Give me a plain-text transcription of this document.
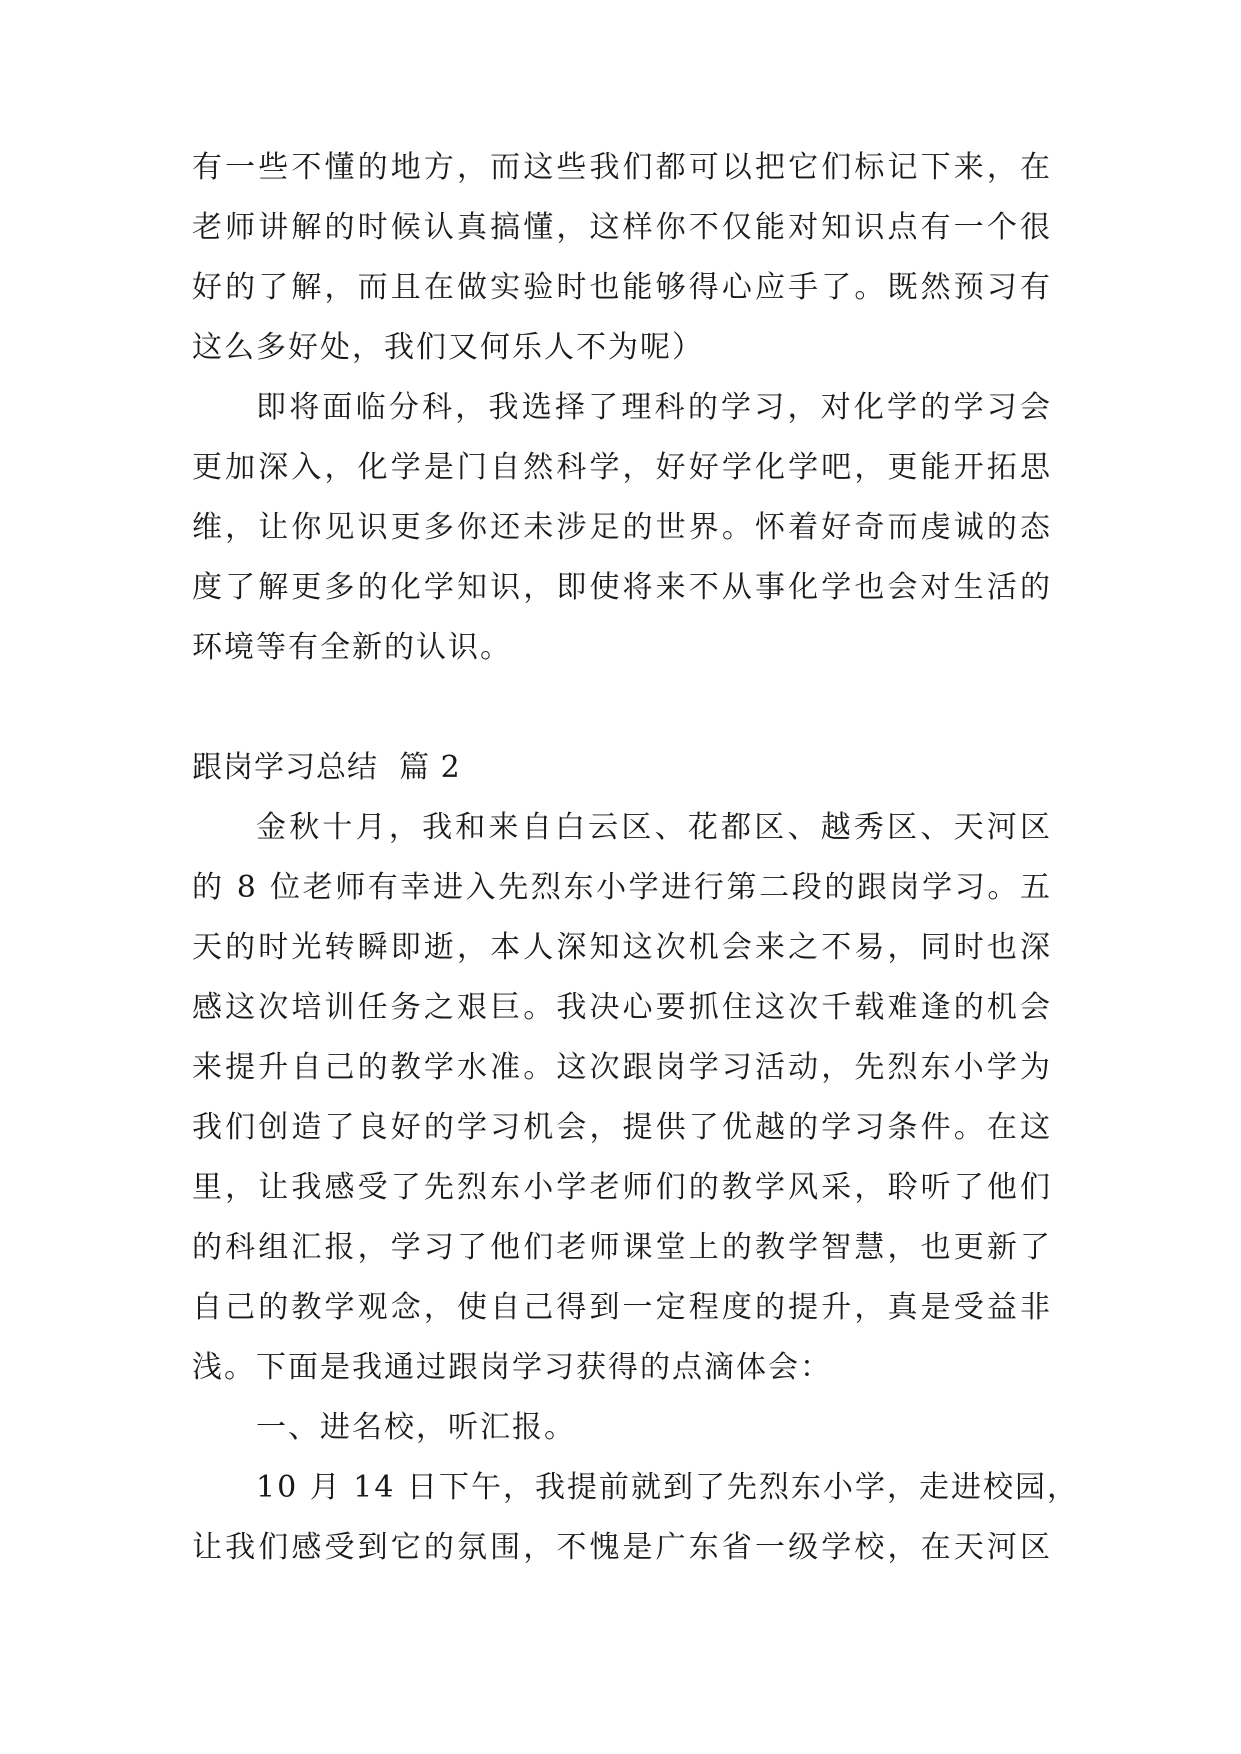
有一些不懂的地方，而这些我们都可以把它们标记下来，在
老师讲解的时候认真搞懂，这样你不仅能对知识点有一个很
好的了解，而且在做实验时也能够得心应手了。既然预习有
这么多好处，我们又何乐人不为呢）
即将面临分科，我选择了理科的学习，对化学的学习会
更加深入，化学是门自然科学，好好学化学吧，更能开拓思
维，让你见识更多你还未涉足的世界。怀着好奇而虔诚的态
度了解更多的化学知识，即使将来不从事化学也会对生活的
环境等有全新的认识。
跟岗学习总结  篇 2
金秋十月，我和来自白云区、花都区、越秀区、天河区
的 8 位老师有幸进入先烈东小学进行第二段的跟岗学习。五
天的时光转瞬即逝，本人深知这次机会来之不易，同时也深
感这次培训任务之艰巨。我决心要抓住这次千载难逢的机会
来提升自己的教学水准。这次跟岗学习活动，先烈东小学为
我们创造了良好的学习机会，提供了优越的学习条件。在这
里，让我感受了先烈东小学老师们的教学风采，聆听了他们
的科组汇报，学习了他们老师课堂上的教学智慧，也更新了
自己的教学观念，使自己得到一定程度的提升，真是受益非
浅。下面是我通过跟岗学习获得的点滴体会：
一、进名校，听汇报。
10 月 14 日下午，我提前就到了先烈东小学，走进校园，
让我们感受到它的氛围，不愧是广东省一级学校，在天河区
